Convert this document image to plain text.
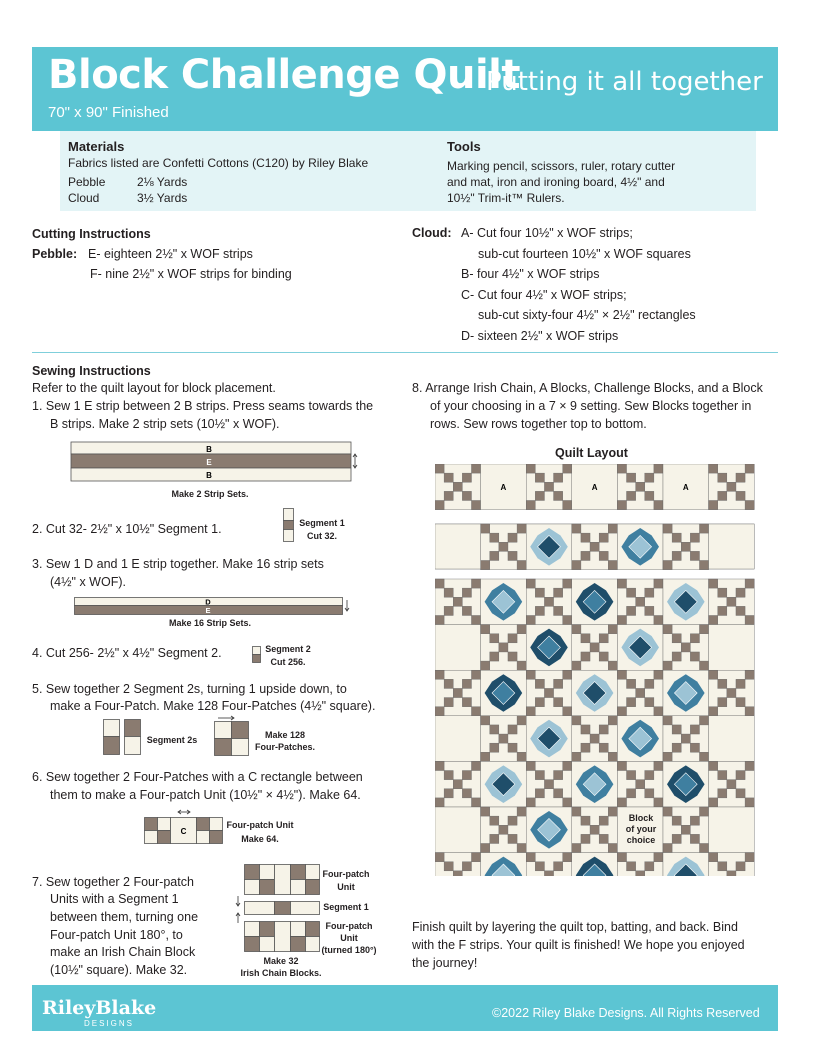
Block Challenge Quilt
Putting it all together
70" x 90" Finished
Materials
Fabrics listed are Confetti Cottons (C120) by Riley Blake
Pebble	2⅛ Yards
Cloud	3½ Yards
Tools
Marking pencil, scissors, ruler, rotary cutter
and mat, iron and ironing board, 4½" and
10½" Trim-it™ Rulers.
Cutting Instructions
Pebble: E- eighteen 2½" x WOF strips
F- nine 2½" x WOF strips for binding
Cloud: A- Cut four 10½" x WOF strips;
sub-cut fourteen 10½" x WOF squares
B- four 4½" x WOF strips
C- Cut four 4½" x WOF strips;
sub-cut sixty-four 4½" × 2½" rectangles
D- sixteen 2½" x WOF strips
Sewing Instructions
Refer to the quilt layout for block placement.
1. Sew 1 E strip between 2 B strips. Press seams towards the
B strips. Make 2 strip sets (10½" x WOF).
B
E
B
Make 2 Strip Sets.
2. Cut 32- 2½" x 10½" Segment 1.	Segment 1
Cut 32.
3. Sew 1 D and 1 E strip together. Make 16 strip sets
(4½" x WOF).
D
E
Make 16 Strip Sets.
4. Cut 256- 2½" x 4½" Segment 2.	Segment 2
Cut 256.
5. Sew together 2 Segment 2s, turning 1 upside down, to
make a Four-Patch. Make 128 Four-Patches (4½" square).
Segment 2s	Make 128
Four-Patches.
6. Sew together 2 Four-Patches with a C rectangle between
them to make a Four-patch Unit (10½" × 4½"). Make 64.
C
Four-patch Unit
Make 64.
7. Sew together 2 Four-patch
Units with a Segment 1
between them, turning one
Four-patch Unit 180°, to
make an Irish Chain Block
(10½" square). Make 32.
Four-patch
Unit
Segment 1
Four-patch
Unit
(turned 180°)
Make 32
Irish Chain Blocks.
8. Arrange Irish Chain, A Blocks, Challenge Blocks, and a Block
of your choosing in a 7 × 9 setting. Sew Blocks together in
rows. Sew rows together top to bottom.
Quilt Layout
A	A	A
Block
of your
choice
Finish quilt by layering the quilt top, batting, and back. Bind
with the F strips. Your quilt is finished! We hope you enjoyed
the journey!
RileyBlake
DESIGNS
©2022 Riley Blake Designs. All Rights Reserved
